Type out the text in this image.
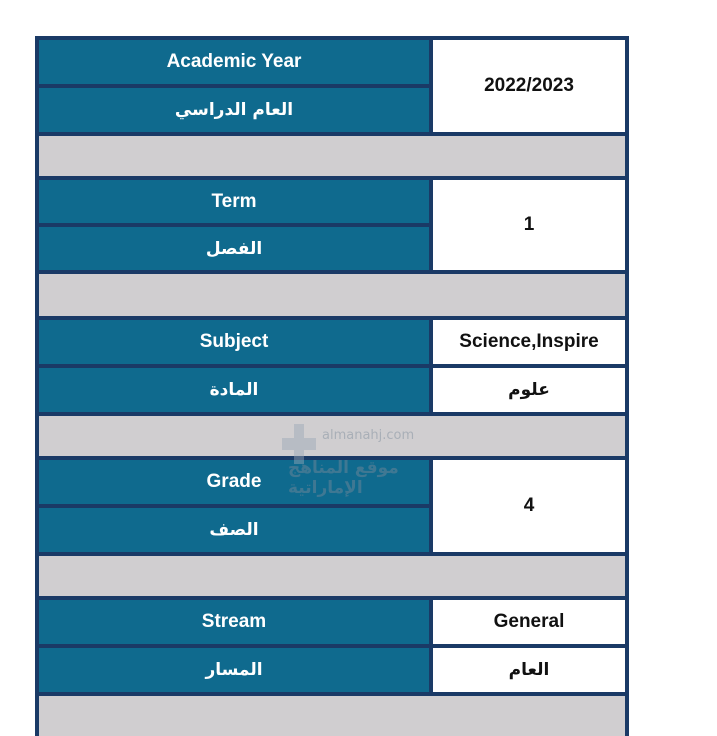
Academic Year
العام الدراسي
2022/2023
Term
الفصل
1
Subject
المادة
Science,Inspire
علوم
Grade
الصف
4
Stream
المسار
General
العام
almanahj.com
موقع المناهج الإماراتية
